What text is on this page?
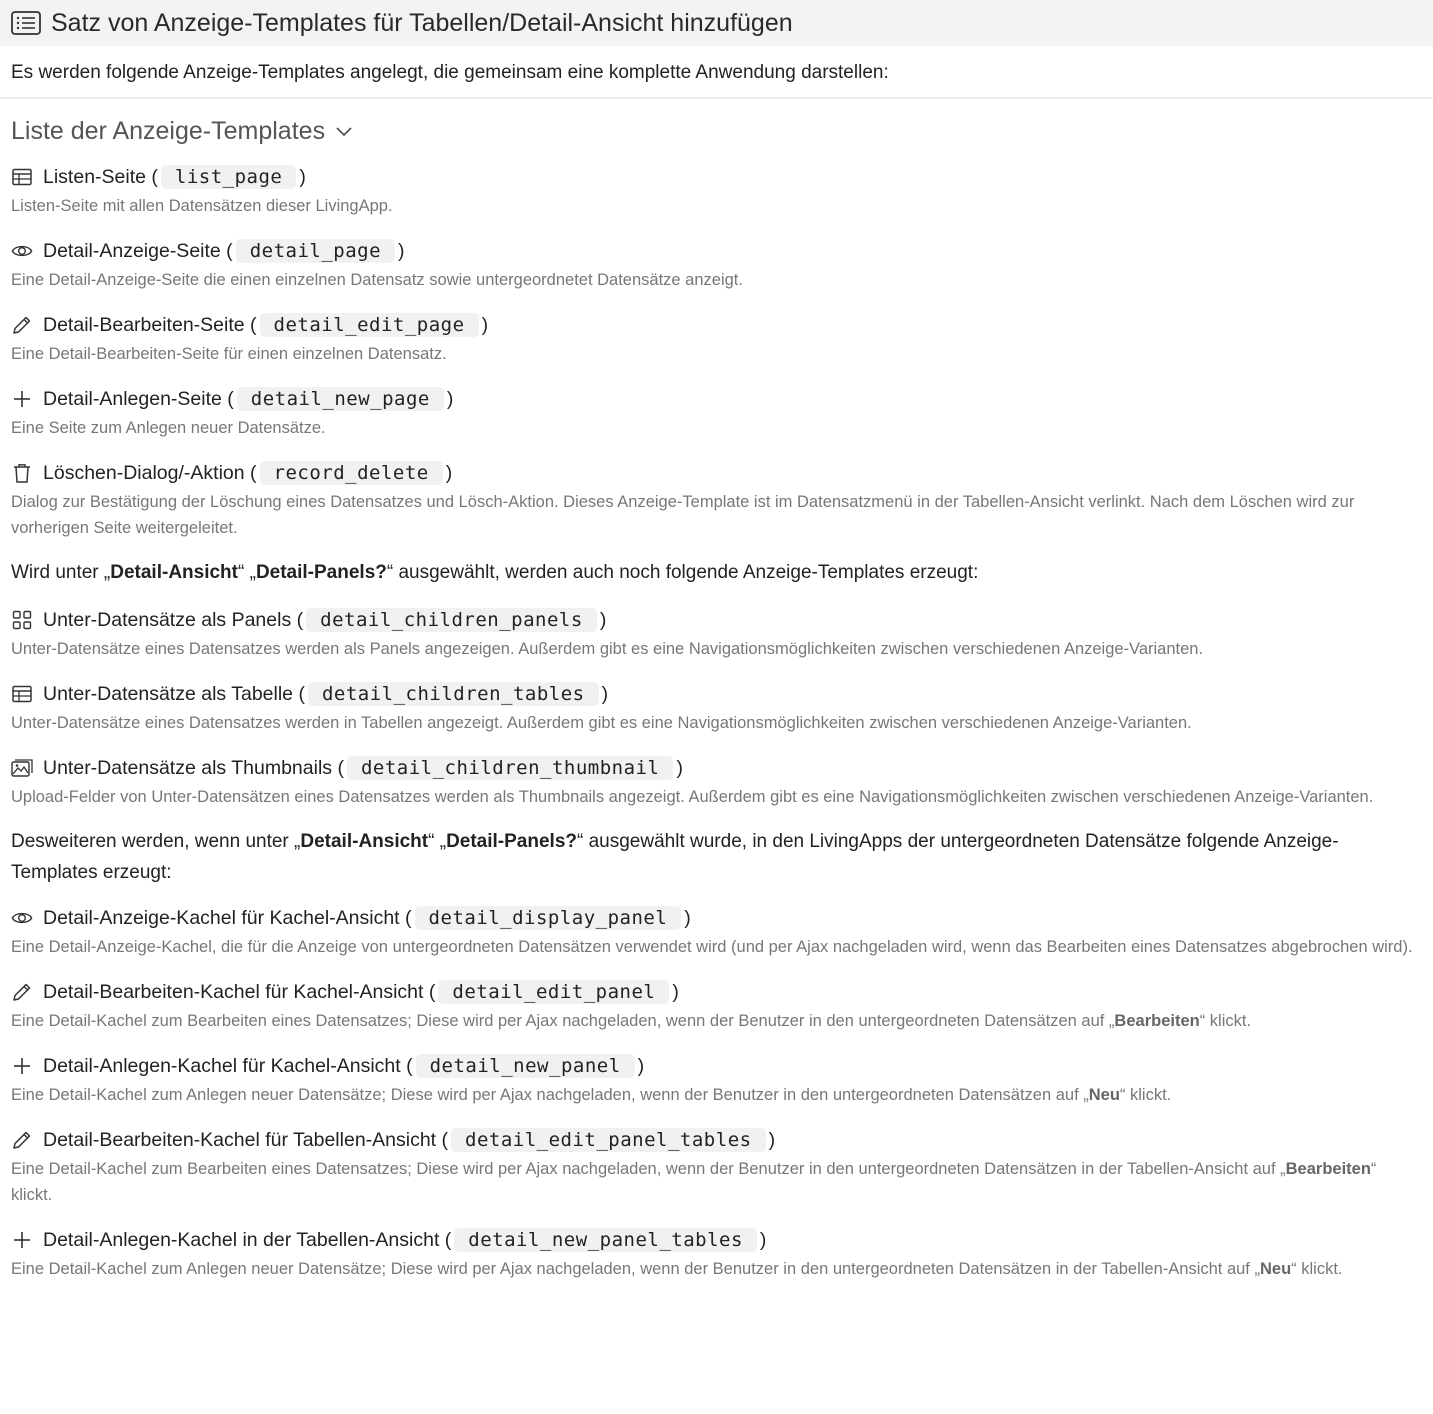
Satz von Anzeige-Templates für Tabellen/Detail-Ansicht hinzufügen
Es werden folgende Anzeige-Templates angelegt, die gemeinsam eine komplette Anwendung darstellen:
Liste der Anzeige-Templates
Listen-Seite ( list_page )
Listen-Seite mit allen Datensätzen dieser LivingApp.
Detail-Anzeige-Seite ( detail_page )
Eine Detail-Anzeige-Seite die einen einzelnen Datensatz sowie untergeordnetet Datensätze anzeigt.
Detail-Bearbeiten-Seite ( detail_edit_page )
Eine Detail-Bearbeiten-Seite für einen einzelnen Datensatz.
Detail-Anlegen-Seite ( detail_new_page )
Eine Seite zum Anlegen neuer Datensätze.
Löschen-Dialog/-Aktion ( record_delete )
Dialog zur Bestätigung der Löschung eines Datensatzes und Lösch-Aktion. Dieses Anzeige-Template ist im Datensatzmenü in der Tabellen-Ansicht verlinkt. Nach dem Löschen wird zur vorherigen Seite weitergeleitet.
Wird unter „Detail-Ansicht“ „Detail-Panels?“ ausgewählt, werden auch noch folgende Anzeige-Templates erzeugt:
Unter-Datensätze als Panels ( detail_children_panels )
Unter-Datensätze eines Datensatzes werden als Panels angezeigen. Außerdem gibt es eine Navigationsmöglichkeiten zwischen verschiedenen Anzeige-Varianten.
Unter-Datensätze als Tabelle ( detail_children_tables )
Unter-Datensätze eines Datensatzes werden in Tabellen angezeigt. Außerdem gibt es eine Navigationsmöglichkeiten zwischen verschiedenen Anzeige-Varianten.
Unter-Datensätze als Thumbnails ( detail_children_thumbnail )
Upload-Felder von Unter-Datensätzen eines Datensatzes werden als Thumbnails angezeigt. Außerdem gibt es eine Navigationsmöglichkeiten zwischen verschiedenen Anzeige-Varianten.
Desweiteren werden, wenn unter „Detail-Ansicht“ „Detail-Panels?“ ausgewählt wurde, in den LivingApps der untergeordneten Datensätze folgende Anzeige-Templates erzeugt:
Detail-Anzeige-Kachel für Kachel-Ansicht ( detail_display_panel )
Eine Detail-Anzeige-Kachel, die für die Anzeige von untergeordneten Datensätzen verwendet wird (und per Ajax nachgeladen wird, wenn das Bearbeiten eines Datensatzes abgebrochen wird).
Detail-Bearbeiten-Kachel für Kachel-Ansicht ( detail_edit_panel )
Eine Detail-Kachel zum Bearbeiten eines Datensatzes; Diese wird per Ajax nachgeladen, wenn der Benutzer in den untergeordneten Datensätzen auf „Bearbeiten“ klickt.
Detail-Anlegen-Kachel für Kachel-Ansicht ( detail_new_panel )
Eine Detail-Kachel zum Anlegen neuer Datensätze; Diese wird per Ajax nachgeladen, wenn der Benutzer in den untergeordneten Datensätzen auf „Neu“ klickt.
Detail-Bearbeiten-Kachel für Tabellen-Ansicht ( detail_edit_panel_tables )
Eine Detail-Kachel zum Bearbeiten eines Datensatzes; Diese wird per Ajax nachgeladen, wenn der Benutzer in den untergeordneten Datensätzen in der Tabellen-Ansicht auf „Bearbeiten“ klickt.
Detail-Anlegen-Kachel in der Tabellen-Ansicht ( detail_new_panel_tables )
Eine Detail-Kachel zum Anlegen neuer Datensätze; Diese wird per Ajax nachgeladen, wenn der Benutzer in den untergeordneten Datensätzen in der Tabellen-Ansicht auf „Neu“ klickt.
